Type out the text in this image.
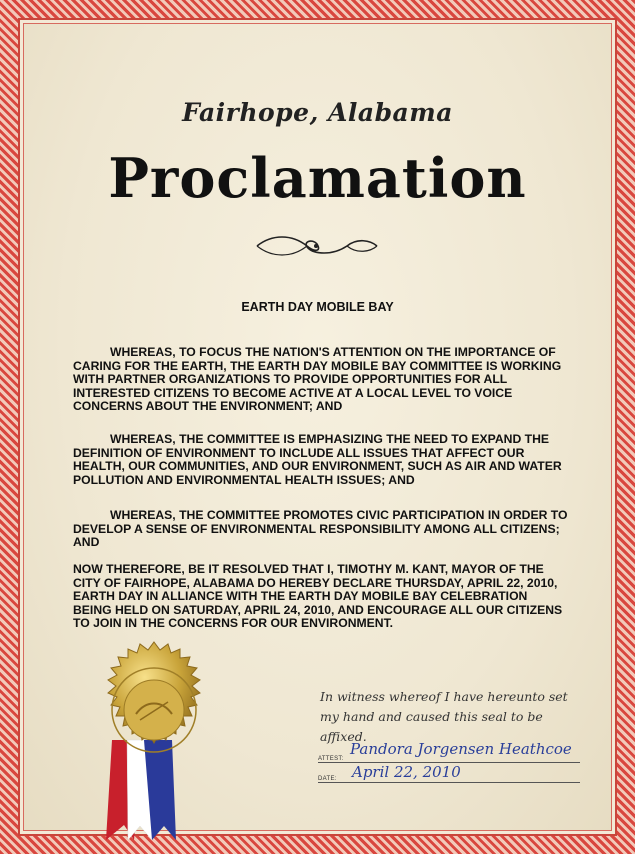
Fairhope, Alabama
Proclamation
EARTH DAY MOBILE BAY

WHEREAS, TO FOCUS THE NATION'S ATTENTION ON THE IMPORTANCE OF CARING FOR THE EARTH, THE EARTH DAY MOBILE BAY COMMITTEE IS WORKING WITH PARTNER ORGANIZATIONS TO PROVIDE OPPORTUNITIES FOR ALL INTERESTED CITIZENS TO BECOME ACTIVE AT A LOCAL LEVEL TO VOICE CONCERNS ABOUT THE ENVIRONMENT; AND

WHEREAS, THE COMMITTEE IS EMPHASIZING THE NEED TO EXPAND THE DEFINITION OF ENVIRONMENT TO INCLUDE ALL ISSUES THAT AFFECT OUR HEALTH, OUR COMMUNITIES, AND OUR ENVIRONMENT, SUCH AS AIR AND WATER POLLUTION AND ENVIRONMENTAL HEALTH ISSUES; AND

WHEREAS, THE COMMITTEE PROMOTES CIVIC PARTICIPATION IN ORDER TO DEVELOP A SENSE OF ENVIRONMENTAL RESPONSIBILITY AMONG ALL CITIZENS; AND

NOW THEREFORE, BE IT RESOLVED THAT I, TIMOTHY M. KANT, MAYOR OF THE CITY OF FAIRHOPE, ALABAMA DO HEREBY DECLARE THURSDAY, APRIL 22, 2010, EARTH DAY IN ALLIANCE WITH THE EARTH DAY MOBILE BAY CELEBRATION BEING HELD ON SATURDAY, APRIL 24, 2010, AND ENCOURAGE ALL OUR CITIZENS TO JOIN IN THE CONCERNS FOR OUR ENVIRONMENT.

In witness whereof I have hereunto set my hand and caused this seal to be affixed.
ATTEST:
Pandora Jorgensen Heathcoe
DATE: April 22, 2010
